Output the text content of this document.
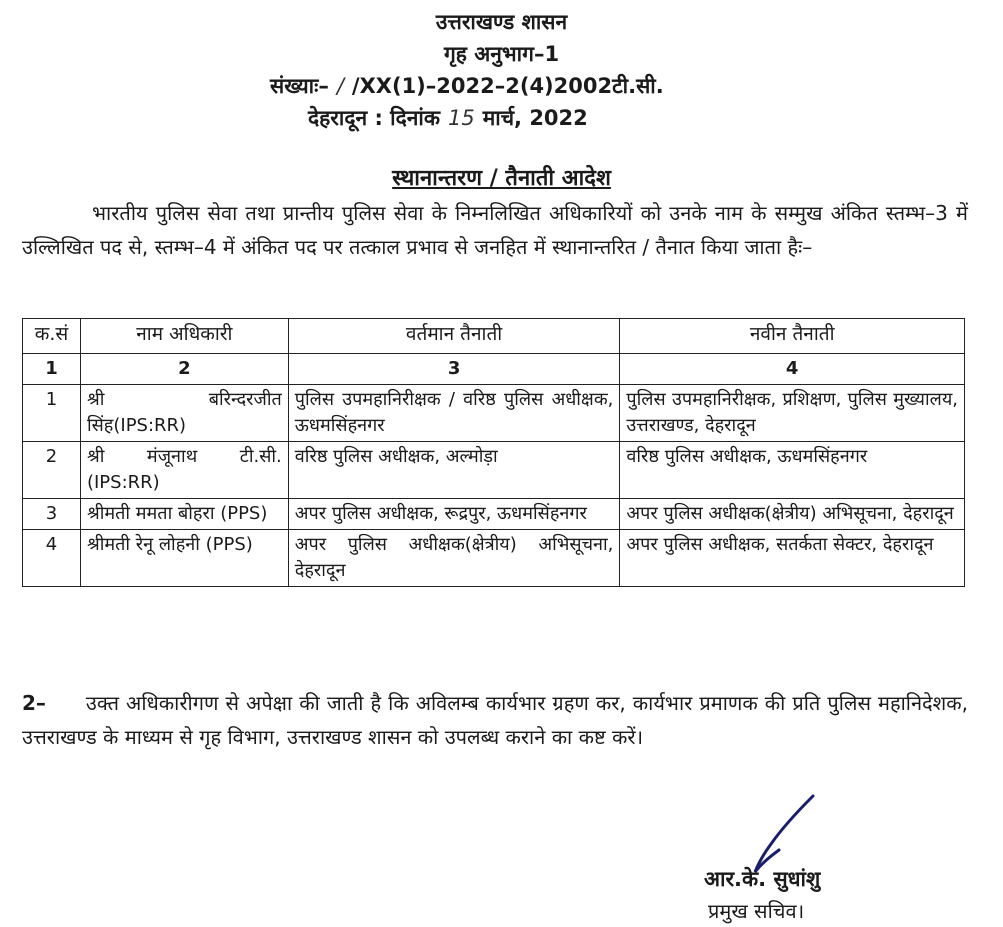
उत्तराखण्ड शासन
गृह अनुभाग–1
संख्याः– / /XX(1)–2022–2(4)2002टी.सी.
देहरादून : दिनांक 15 मार्च, 2022
स्थानान्तरण / तैनाती आदेश
भारतीय पुलिस सेवा तथा प्रान्तीय पुलिस सेवा के निम्नलिखित अधिकारियों को उनके नाम के सम्मुख अंकित स्तम्भ–3 में उल्लिखित पद से, स्तम्भ–4 में अंकित पद पर तत्काल प्रभाव से जनहित में स्थानान्तरित / तैनात किया जाता हैः–
क.सं	नाम अधिकारी	वर्तमान तैनाती	नवीन तैनाती
1	2	3	4
1	श्री बरिन्दरजीत सिंह(IPS:RR)	पुलिस उपमहानिरीक्षक / वरिष्ठ पुलिस अधीक्षक, ऊधमसिंहनगर	पुलिस उपमहानिरीक्षक, प्रशिक्षण, पुलिस मुख्यालय, उत्तराखण्ड, देहरादून
2	श्री मंजूनाथ टी.सी. (IPS:RR)	वरिष्ठ पुलिस अधीक्षक, अल्मोड़ा	वरिष्ठ पुलिस अधीक्षक, ऊधमसिंहनगर
3	श्रीमती ममता बोहरा (PPS)	अपर पुलिस अधीक्षक, रूद्रपुर, ऊधमसिंहनगर	अपर पुलिस अधीक्षक(क्षेत्रीय) अभिसूचना, देहरादून
4	श्रीमती रेनू लोहनी (PPS)	अपर पुलिस अधीक्षक(क्षेत्रीय) अभिसूचना, देहरादून	अपर पुलिस अधीक्षक, सतर्कता सेक्टर, देहरादून
2– उक्त अधिकारीगण से अपेक्षा की जाती है कि अविलम्ब कार्यभार ग्रहण कर, कार्यभार प्रमाणक की प्रति पुलिस महानिदेशक, उत्तराखण्ड के माध्यम से गृह विभाग, उत्तराखण्ड शासन को उपलब्ध कराने का कष्ट करें।
आर.के. सुधांशु
प्रमुख सचिव।
